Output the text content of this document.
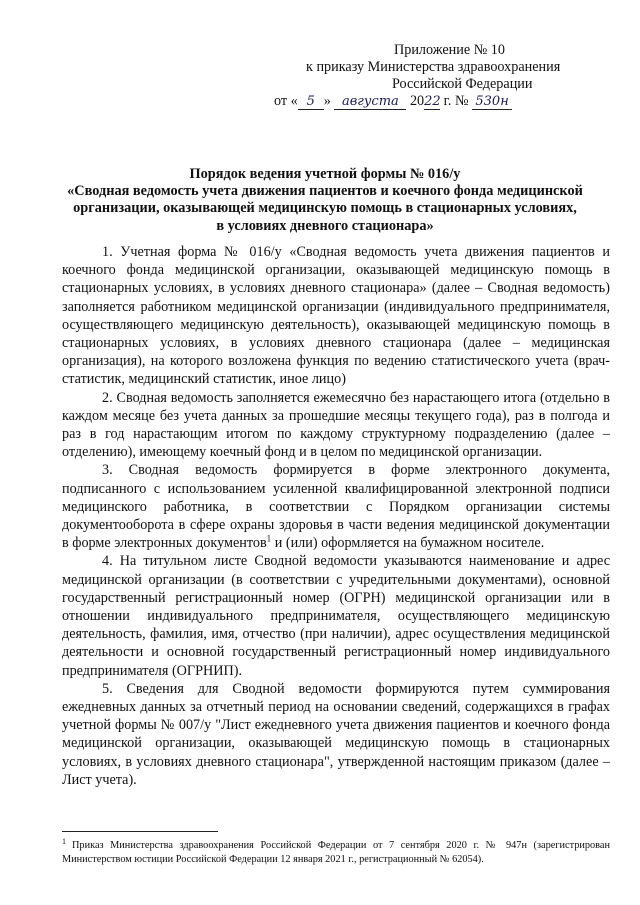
Приложение № 10
к приказу Министерства здравоохранения
Российской Федерации
от « 5 » августа 2022 г. № 530н
Порядок ведения учетной формы № 016/у
«Сводная ведомость учета движения пациентов и коечного фонда медицинской
организации, оказывающей медицинскую помощь в стационарных условиях,
в условиях дневного стационара»

1. Учетная форма № 016/у «Сводная ведомость учета движения пациентов и коечного фонда медицинской организации, оказывающей медицинскую помощь в стационарных условиях, в условиях дневного стационара» (далее – Сводная ведомость) заполняется работником медицинской организации (индивидуального предпринимателя, осуществляющего медицинскую деятельность), оказывающей медицинскую помощь в стационарных условиях, в условиях дневного стационара (далее – медицинская организация), на которого возложена функция по ведению статистического учета (врач-статистик, медицинский статистик, иное лицо)

2. Сводная ведомость заполняется ежемесячно без нарастающего итога (отдельно в каждом месяце без учета данных за прошедшие месяцы текущего года), раз в полгода и раз в год нарастающим итогом по каждому структурному подразделению (далее – отделению), имеющему коечный фонд и в целом по медицинской организации.

3. Сводная ведомость формируется в форме электронного документа, подписанного с использованием усиленной квалифицированной электронной подписи медицинского работника, в соответствии с Порядком организации системы документооборота в сфере охраны здоровья в части ведения медицинской документации в форме электронных документов$^1$ и (или) оформляется на бумажном носителе.

4. На титульном листе Сводной ведомости указываются наименование и адрес медицинской организации (в соответствии с учредительными документами), основной государственный регистрационный номер (ОГРН) медицинской организации или в отношении индивидуального предпринимателя, осуществляющего медицинскую деятельность, фамилия, имя, отчество (при наличии), адрес осуществления медицинской деятельности и основной государственный регистрационный номер индивидуального предпринимателя (ОГРНИП).

5. Сведения для Сводной ведомости формируются путем суммирования ежедневных данных за отчетный период на основании сведений, содержащихся в графах учетной формы № 007/у "Лист ежедневного учета движения пациентов и коечного фонда медицинской организации, оказывающей медицинскую помощь в стационарных условиях, в условиях дневного стационара", утвержденной настоящим приказом (далее – Лист учета).

$^1$ Приказ Министерства здравоохранения Российской Федерации от 7 сентября 2020 г. № 947н (зарегистрирован Министерством юстиции Российской Федерации 12 января 2021 г., регистрационный № 62054).
